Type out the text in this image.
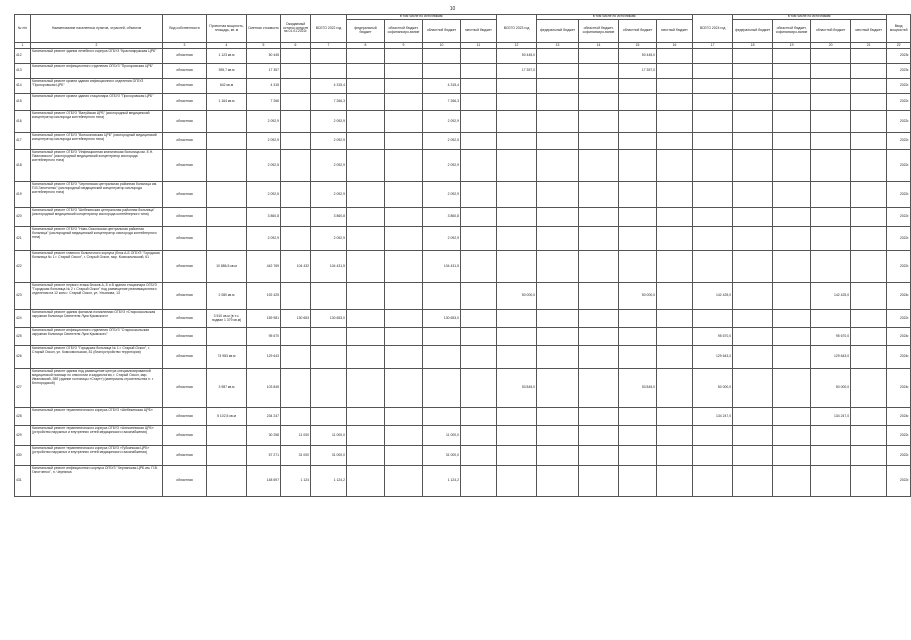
10
№ п/п	Наименование населенных пунктов, отраслей, объектов	Вид собственности	Проектная мощность, площадь, кв. м	Сметная стоимость	Ожидаемый остаток средств на 01.01.2022г.	ВСЕГО 2022 год	в том числе по источникам:				ВСЕГО 2023 год	в том числе по источникам:				ВСЕГО 2024 год	в том числе по источникам:				Ввод мощностей
							федеральный бюджет	областной бюджет, софинансиро-вание	областной бюджет	местный бюджет		федеральный бюджет	областной бюджет, софинансиро-вание	областной бюджет	местный бюджет		федеральный бюджет	областной бюджет, софинансиро-вание	областной бюджет	местный бюджет	
1	2	3	4	5	6	7	8	9	10	11	12	13	14	15	16	17	18	19	20	21	22
412	Капитальный ремонт здания лечебного корпуса ОГБУЗ "Краснояружская ЦРБ"	областная	1 123 кв.м	50 445							50 445,0			50 445,0							2023г.
413	Капитальный ремонт инфекционного отделения ОГБУЗ "Прохоровская ЦРБ"	областная	395,7 кв.м	17 357							17 357,0			17 357,0							2023г.
414	Капитальный ремонт кровли здания инфекционного отделения ОГБУЗ "Прохоровская ЦРБ"	областная	642 кв.м	4 315		4 315,4			4 315,4												2022г.
415	Капитальный ремонт кровли здания стационара ОГБУЗ "Прохоровская ЦРБ"	областная	1 164 кв.м	7 266		7 266,3			7 266,3												2022г.
416	Капитальный ремонт ОГБУЗ "Валуйская ЦРБ" (кислородный медицинский концентратор кислорода контейнерного типа)	областная		2 092,9		2 092,9			2 092,9												2022г.
417	Капитальный ремонт ОГБУЗ "Волоконовская ЦРБ" (кислородный медицинский концентратор кислорода контейнерного типа)	областная		2 092,9		2 092,9			2 092,5												2022г.
418	Капитальный ремонт ОГБУЗ "Инфекционная клиническая больница им. Е.Н. Павловского" (кислородный медицинский концентратор кислорода контейнерного типа)	областная		2 092,5		2 092,9			2 092,9												2022г.
419	Капитальный ремонт ОГБУЗ "Чернянская центральная районная больница им. П.В.Гапотченко" (кислородный медицинский концентратор кислорода контейнерного типа)	областная		2 092,5		2 092,9			2 092,9												2022г.
420	Капитальный ремонт ОГБУЗ "Шебекинская центральная районная больница" (кислородный медицинский концентратор кислорода контейнерного типа)	областная		3 860,8		3 860,8			3 860,8												2022г.
421	Капитальный ремонт ОГБУЗ "Ново-Оскольская центральная районная больница" (кислородный медицинский концентратор кислорода контейнерного типа)	областная		2 092,9		2 092,9			2 092,9												2022г.
422	Капитальный ремонт главного больничного корпуса (блок А-Б ОГБУЗ "Городская больница № 1 г. Старый Оскол", г. Старый Оскол, мкр. Комсомольский, 61	областная	10 886,5 кв.м	442 769	104 432	104 431,5			104 431,5												2022г.
423	Капитальный ремонт первого этажа блоков А, Б и В здания стационара ОГБУЗ "Городская больница № 2 г. Старый Оскол" под размещение реанимационного отделения на 12 коек г. Старый Оскол, ул. Ульянова, 13	областная	2 080 кв.м	192 425							50 000,0			50 000,0		142 425,0			142 425,0		2024г.
424	Капитальный ремонт здания филиала поликлиники ОГБУЗ «Старооскольская окружная больница Святителя Луки Крымского»	областная	3 510 кв.м (в т.ч. подвал 1 379 кв.м)	159 981	130 653	130 653,0			130 653,0												2022г.
425	Капитальный ремонт инфекционного отделения ОГБУЗ "Старооскольская окружная больница Святителя Луки Крымского"	областная		95 670												95 670,0			95 670,0		2024г.
426	Капитальный ремонт ОГБУЗ "Городская больница № 1 г. Старый Оскол", г. Старый Оскол, ул. Комсомольская, 81 (благоустройство территории)	областная	74 983 кв.м	129 643												129 643,0			129 643,0		2024г.
427	Капитальный ремонт здания под размещение центра специализированной медицинской помощи по онкологии и кардиологии, г. Старый Оскол, мкр. Ивановский, 38б (здание гостиницы «Старт») (материалы строительства п. г. Белгородской)	областная	3 987 кв.м	103 845							53 845,0			53 845,0		50 000,0			50 000,0		2024г.
428	Капитальный ремонт терапевтического корпуса ОГБУЗ «Шебекинская ЦРБ»	областная	5 102,5 кв.м	234 247												134 247,0			134 247,0		2024г.
429	Капитальный ремонт терапевтического корпуса ОГБУЗ «Алексеевская ЦРБ» (устройство наружных и внутренних сетей медицинского газоснабжения)	областная		30 258	11 000	11 000,0			11 000,0												2022г.
430	Капитальный ремонт терапевтического корпуса ОГБУЗ «Губкинская ЦРБ» (устройство наружных и внутренних сетей медицинского газоснабжения)	областная		57 271	31 000	31 000,0			31 000,0												2022г.
431	Капитальный ремонт инфекционного корпуса ОГБУЗ "Чернянская ЦРБ им. П.В. Гапотченко", п. Чернянка	областная		148 697	1 124	1 124,2			1 124,2												2022г.
